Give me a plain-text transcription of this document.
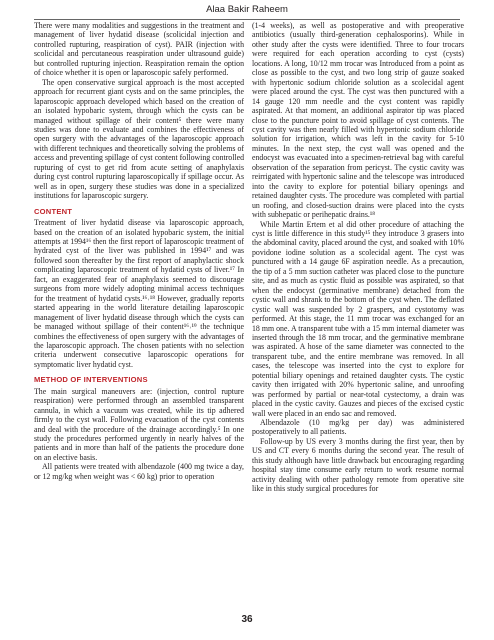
Alaa Bakir Raheem

There were many modalities and suggestions in the treatment and management of liver hydatid disease (scolicidal injection and controlled rupturing, reaspiration of cyst). PAIR (injection with scolicidal and percutaneous reaspiration under ultrasound guide) but controlled rupturing injection. Reaspiration remain the option of choice whether it is open or laparoscopic safely performed.

The open conservative surgical approach is the most accepted approach for recurrent giant cysts and on the same principles, the laparoscopic approach developed which based on the creation of an isolated hypobaric system, through which the cysts can be managed without spillage of their content⁵ there were many studies was done to evaluate and combines the effectiveness of open surgery with the advantages of the laparoscopic approach with different techniques and theoretically solving the problems of access and preventing spillage of cyst content following controlled rupturing of cyst to get rid from acute setting of anaphylaxis during cyst control rupturing laparoscopically if spillage occur. As well as in open, surgery these studies was done in a specialized institutions for laparoscopic surgery.

CONTENT

Treatment of liver hydatid disease via laparoscopic approach, based on the creation of an isolated hypobaric system, the initial attempts at 1994¹⁶ then the first report of laparoscopic treatment of hydrated cyst of the liver was published in 1994¹⁷ and was followed soon thereafter by the first report of anaphylactic shock complicating laparoscopic treatment of hydatid cysts of liver.¹⁷ In fact, an exaggerated fear of anaphylaxis seemed to discourage surgeons from more widely adopting minimal access techniques for the treatment of hydatid cysts.¹⁶˒¹⁸ However, gradually reports started appearing in the world literature detailing laparoscopic management of liver hydatid disease through which the cysts can be managed without spillage of their content¹⁶˒¹⁹ the technique combines the effectiveness of open surgery with the advantages of the laparoscopic approach. The chosen patients with no selection criteria underwent consecutive laparoscopic operations for symptomatic liver hydatid cyst.

METHOD OF INTERVENTIONS

The main surgical maneuvers are: (injection, control rupture reaspiration) were performed through an assembled transparent cannula, in which a vacuum was created, while its tip adhered firmly to the cyst wall. Following evacuation of the cyst contents and deal with the procedure of the drainage accordingly.⁵ In one study the procedures performed urgently in nearly halves of the patients and in more than half of the patients the procedure done on an elective basis.

All patients were treated with albendazole (400 mg twice a day, or 12 mg/kg when weight was < 60 kg) prior to operation

(1-4 weeks), as well as postoperative and with preoperative antibiotics (usually third-generation cephalosporins). While in other study after the cysts were identified. Three to four trocars were required for each operation according to cyst (cysts) locations. A long, 10/12 mm trocar was Introduced from a point as close as possible to the cyst, and two long strip of gauze soaked with hypertonic sodium chloride solution as a scolecidal agent were placed around the cyst. The cyst was then punctured with a 14 gauge 120 mm needle and the cyst content was rapidly aspirated. At that moment, an additional aspirator tip was placed close to the puncture point to avoid spillage of cyst contents. The cyst cavity was then nearly filled with hypertonic sodium chloride solution for irrigation, which was left in the cavity for 5-10 minutes. In the next step, the cyst wall was opened and the endocyst was evacuated into a specimen-retrieval bag with careful observation of the separation from pericyst. The cystic cavity was reirrigated with hypertonic saline and the telescope was introduced into the cavity to explore for potential biliary openings and retained daughter cysts. The procedure was completed with partial un roofing, and closed-suction drains were placed into the cysts with subhepatic or perihepatic drains.¹⁸

While Martin Ertem et al did other procedure of attaching the cyst is little difference in this study¹⁵ they introduce 3 grasers into the abdominal cavity, placed around the cyst, and soaked with 10% povidone iodine solution as a scolecidal agent. The cyst was punctured with a 14 gauge 6F aspiration needle. As a precaution, the tip of a 5 mm suction catheter was placed close to the puncture site, and as much as cystic fluid as possible was aspirated, so that when the endocyst (germinative membrane) detached from the cystic wall and shrank to the bottom of the cyst when. The deflated cystic wall was suspended by 2 graspers, and cystotomy was performed. At this stage, the 11 mm trocar was exchanged for an 18 mm one. A transparent tube with a 15 mm internal diameter was inserted through the 18 mm trocar, and the germinative membrane was aspirated. A hose of the same diameter was connected to the transparent tube, and the entire membrane was removed. In all cases, the telescope was inserted into the cyst to explore for potential biliary openings and retained daughter cysts. The cystic cavity then irrigated with 20% hypertonic saline, and unroofing was performed by partial or near-total cystectomy, a drain was placed in the cystic cavity. Gauzes and pieces of the excised cystic wall were placed in an endo sac and removed.

Albendazole (10 mg/kg per day) was administered postoperatively to all patients.

Follow-up by US every 3 months during the first year, then by US and CT every 6 months during the second year. The result of this study although have little drawback but encouraging regarding hospital stay time consume early return to work resume normal activity dealing with other pathology remote from operative site like in this study surgical procedures for

36
